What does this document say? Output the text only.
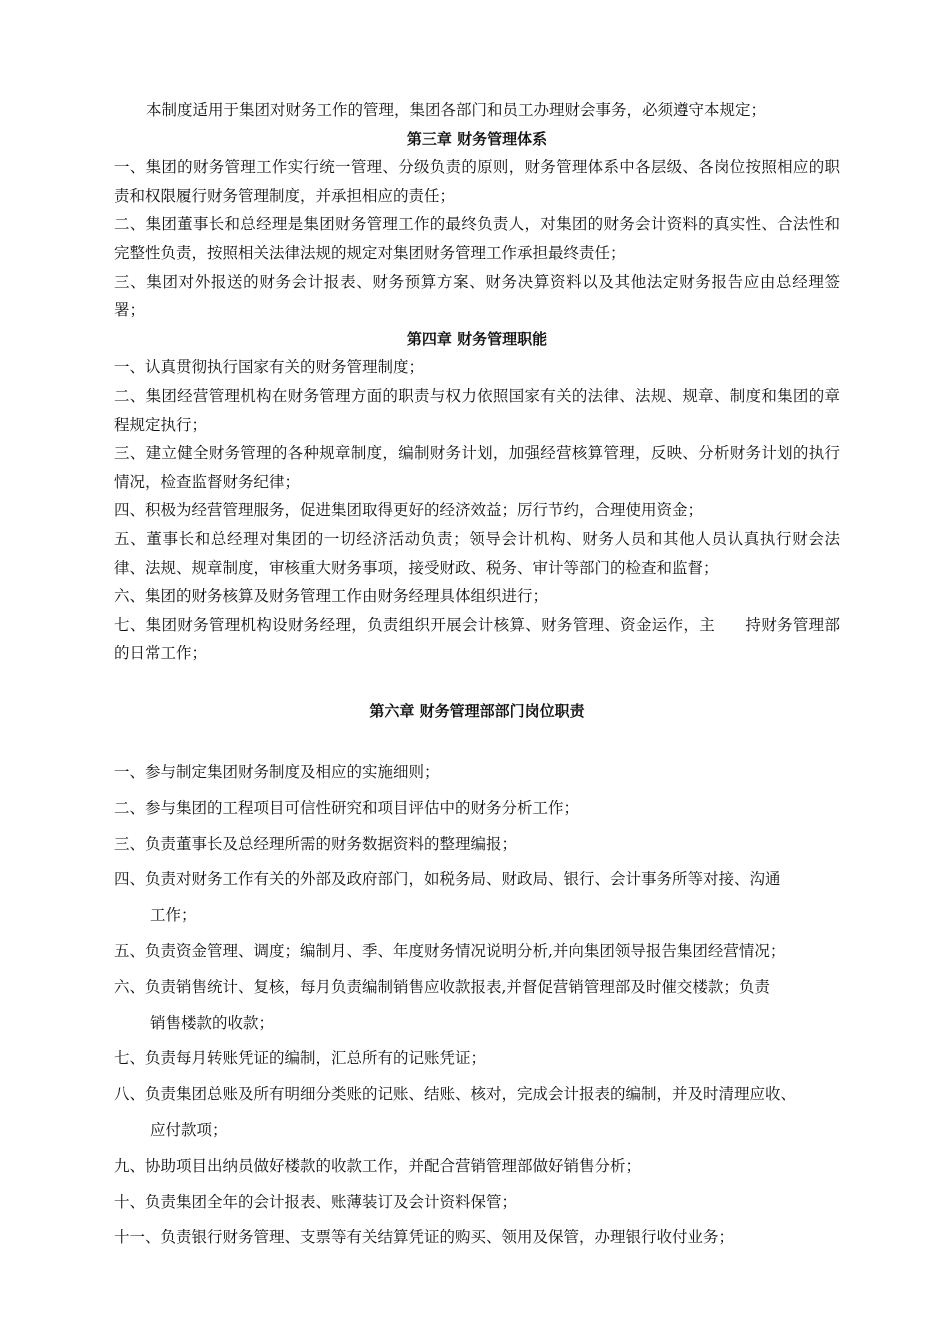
本制度适用于集团对财务工作的管理，集团各部门和员工办理财会事务，必须遵守本规定；

第三章 财务管理体系

一、集团的财务管理工作实行统一管理、分级负责的原则，财务管理体系中各层级、各岗位按照相应的职责和权限履行财务管理制度，并承担相应的责任；

二、集团董事长和总经理是集团财务管理工作的最终负责人，对集团的财务会计资料的真实性、合法性和完整性负责，按照相关法律法规的规定对集团财务管理工作承担最终责任；

三、集团对外报送的财务会计报表、财务预算方案、财务决算资料以及其他法定财务报告应由总经理签署；

第四章 财务管理职能

一、认真贯彻执行国家有关的财务管理制度；

二、集团经营管理机构在财务管理方面的职责与权力依照国家有关的法律、法规、规章、制度和集团的章程规定执行；

三、建立健全财务管理的各种规章制度，编制财务计划，加强经营核算管理，反映、分析财务计划的执行情况，检查监督财务纪律；

四、积极为经营管理服务，促进集团取得更好的经济效益；厉行节约，合理使用资金；

五、董事长和总经理对集团的一切经济活动负责；领导会计机构、财务人员和其他人员认真执行财会法律、法规、规章制度，审核重大财务事项，接受财政、税务、审计等部门的检查和监督；

六、集团的财务核算及财务管理工作由财务经理具体组织进行；

七、集团财务管理机构设财务经理，负责组织开展会计核算、财务管理、资金运作，主 持财务管理部的日常工作；

第六章 财务管理部部门岗位职责

一、参与制定集团财务制度及相应的实施细则；
二、参与集团的工程项目可信性研究和项目评估中的财务分析工作；
三、负责董事长及总经理所需的财务数据资料的整理编报；
四、负责对财务工作有关的外部及政府部门，如税务局、财政局、银行、会计事务所等对接、沟通
工作；
五、负责资金管理、调度；编制月、季、年度财务情况说明分析,并向集团领导报告集团经营情况；
六、负责销售统计、复核，每月负责编制销售应收款报表,并督促营销管理部及时催交楼款；负责
销售楼款的收款；
七、负责每月转账凭证的编制，汇总所有的记账凭证；
八、负责集团总账及所有明细分类账的记账、结账、核对，完成会计报表的编制，并及时清理应收、
应付款项；
九、协助项目出纳员做好楼款的收款工作，并配合营销管理部做好销售分析；
十、负责集团全年的会计报表、账薄装订及会计资料保管；
十一、负责银行财务管理、支票等有关结算凭证的购买、领用及保管，办理银行收付业务；
